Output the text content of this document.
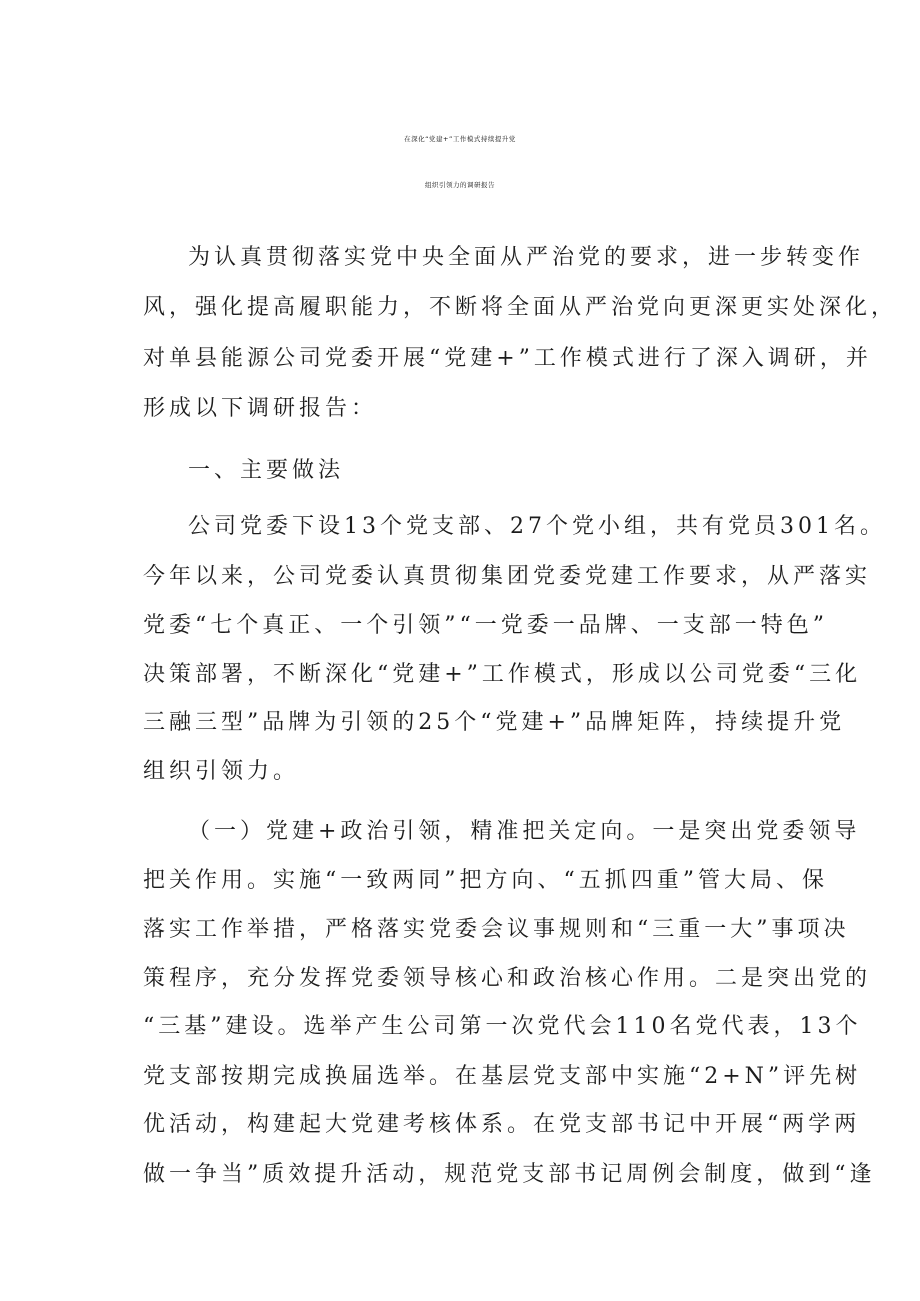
在深化“党建+”工作模式持续提升党
组织引领力的调研报告
为认真贯彻落实党中央全面从严治党的要求，进一步转变作
风，强化提高履职能力，不断将全面从严治党向更深更实处深化，
对单县能源公司党委开展“党建+”工作模式进行了深入调研，并
形成以下调研报告：
一、主要做法
公司党委下设13个党支部、27个党小组，共有党员301名。
今年以来，公司党委认真贯彻集团党委党建工作要求，从严落实
党委“七个真正、一个引领”“一党委一品牌、一支部一特色”
决策部署，不断深化“党建+”工作模式，形成以公司党委“三化
三融三型”品牌为引领的25个“党建+”品牌矩阵，持续提升党
组织引领力。
（一）党建+政治引领，精准把关定向。一是突出党委领导
把关作用。实施“一致两同”把方向、“五抓四重”管大局、保
落实工作举措，严格落实党委会议事规则和“三重一大”事项决
策程序，充分发挥党委领导核心和政治核心作用。二是突出党的
“三基”建设。选举产生公司第一次党代会110名党代表，13个
党支部按期完成换届选举。在基层党支部中实施“2+N”评先树
优活动，构建起大党建考核体系。在党支部书记中开展“两学两
做一争当”质效提升活动，规范党支部书记周例会制度，做到“逢
